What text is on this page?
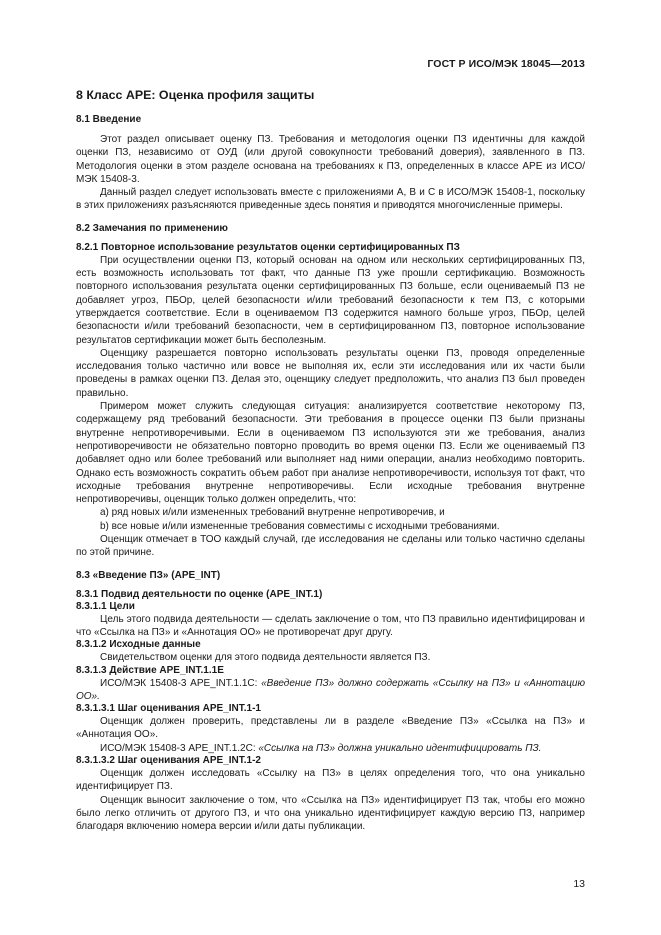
ГОСТ Р ИСО/МЭК 18045—2013
8 Класс APE: Оценка профиля защиты
8.1 Введение

Этот раздел описывает оценку ПЗ. Требования и методология оценки ПЗ идентичны для каждой оценки ПЗ, независимо от ОУД (или другой совокупности требований доверия), заявленного в ПЗ. Методология оценки в этом разделе основана на требованиях к ПЗ, определенных в классе APE из ИСО/МЭК 15408-3.

Данный раздел следует использовать вместе с приложениями A, B и C в ИСО/МЭК 15408-1, поскольку в этих приложениях разъясняются приведенные здесь понятия и приводятся многочисленные примеры.

8.2 Замечания по применению
8.2.1 Повторное использование результатов оценки сертифицированных ПЗ

При осуществлении оценки ПЗ, который основан на одном или нескольких сертифицированных ПЗ, есть возможность использовать тот факт, что данные ПЗ уже прошли сертификацию. Возможность повторного использования результата оценки сертифицированных ПЗ больше, если оцениваемый ПЗ не добавляет угроз, ПБОр, целей безопасности и/или требований безопасности к тем ПЗ, с которыми утверждается соответствие. Если в оцениваемом ПЗ содержится намного больше угроз, ПБОр, целей безопасности и/или требований безопасности, чем в сертифицированном ПЗ, повторное использование результатов сертификации может быть бесполезным.

Оценщику разрешается повторно использовать результаты оценки ПЗ, проводя определенные исследования только частично или вовсе не выполняя их, если эти исследования или их части были проведены в рамках оценки ПЗ. Делая это, оценщику следует предположить, что анализ ПЗ был проведен правильно.

Примером может служить следующая ситуация: анализируется соответствие некоторому ПЗ, содержащему ряд требований безопасности. Эти требования в процессе оценки ПЗ были признаны внутренне непротиворечивыми. Если в оцениваемом ПЗ используются эти же требования, анализ непротиворечивости не обязательно повторно проводить во время оценки ПЗ. Если же оцениваемый ПЗ добавляет одно или более требований или выполняет над ними операции, анализ необходимо повторить. Однако есть возможность сократить объем работ при анализе непротиворечивости, используя тот факт, что исходные требования внутренне непротиворечивы. Если исходные требования внутренне непротиворечивы, оценщик только должен определить, что:

a) ряд новых и/или измененных требований внутренне непротиворечив, и

b) все новые и/или измененные требования совместимы с исходными требованиями.

Оценщик отмечает в ТОО каждый случай, где исследования не сделаны или только частично сделаны по этой причине.

8.3 «Введение ПЗ» (APE_INT)
8.3.1 Подвид деятельности по оценке (APE_INT.1)
8.3.1.1 Цели

Цель этого подвида деятельности — сделать заключение о том, что ПЗ правильно идентифицирован и что «Ссылка на ПЗ» и «Аннотация ОО» не противоречат друг другу.

8.3.1.2 Исходные данные

Свидетельством оценки для этого подвида деятельности является ПЗ.

8.3.1.3 Действие APE_INT.1.1E

ИСО/МЭК 15408-3 APE_INT.1.1С: «Введение ПЗ» должно содержать «Ссылку на ПЗ» и «Аннотацию ОО».

8.3.1.3.1 Шаг оценивания APE_INT.1-1

Оценщик должен проверить, представлены ли в разделе «Введение ПЗ» «Ссылка на ПЗ» и «Аннотация ОО».

ИСО/МЭК 15408-3 APE_INT.1.2С: «Ссылка на ПЗ» должна уникально идентифицировать ПЗ.

8.3.1.3.2 Шаг оценивания APE_INT.1-2

Оценщик должен исследовать «Ссылку на ПЗ» в целях определения того, что она уникально идентифицирует ПЗ.

Оценщик выносит заключение о том, что «Ссылка на ПЗ» идентифицирует ПЗ так, чтобы его можно было легко отличить от другого ПЗ, и что она уникально идентифицирует каждую версию ПЗ, например благодаря включению номера версии и/или даты публикации.

13
